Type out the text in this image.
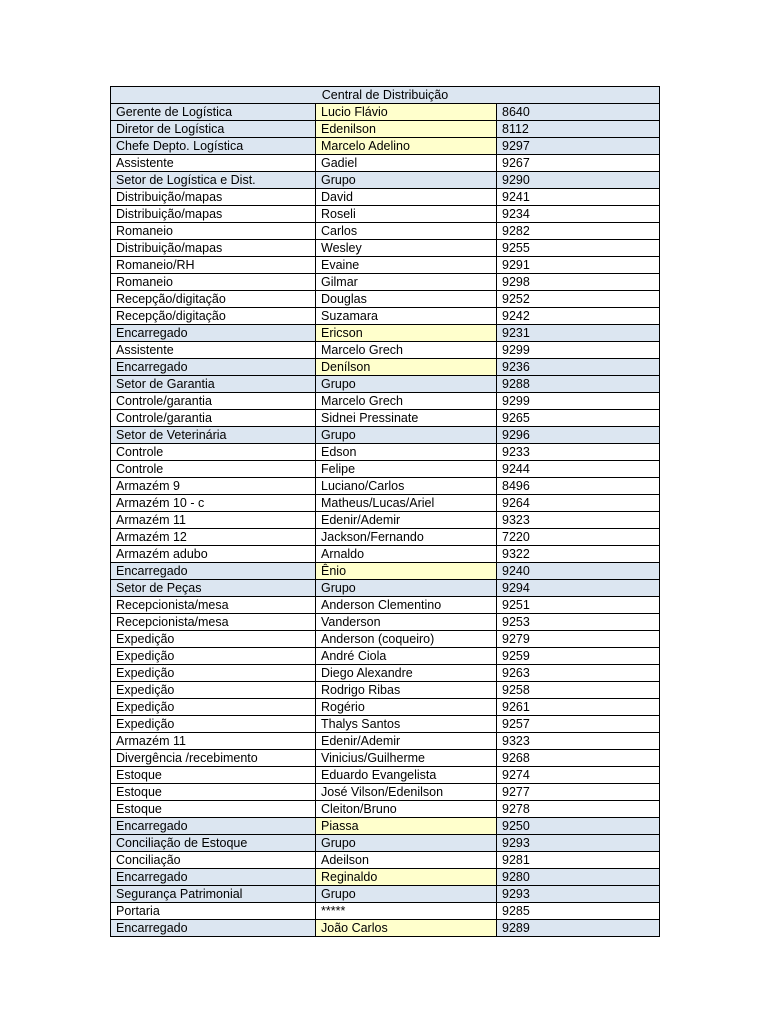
Central de Distribuição		
Gerente de Logística	Lucio Flávio	8640
Diretor de Logística	Edenilson	8112
Chefe Depto. Logística	Marcelo Adelino	9297
Assistente	Gadiel	9267
Setor de Logística e Dist.	Grupo	9290
Distribuição/mapas	David	9241
Distribuição/mapas	Roseli	9234
Romaneio	Carlos	9282
Distribuição/mapas	Wesley	9255
Romaneio/RH	Evaine	9291
Romaneio	Gilmar	9298
Recepção/digitação	Douglas	9252
Recepção/digitação	Suzamara	9242
Encarregado	Ericson	9231
Assistente	Marcelo Grech	9299
Encarregado	Denílson	9236
Setor de Garantia	Grupo	9288
Controle/garantia	Marcelo Grech	9299
Controle/garantia	Sidnei Pressinate	9265
Setor de Veterinária	Grupo	9296
Controle	Edson	9233
Controle	Felipe	9244
Armazém 9	Luciano/Carlos	8496
Armazém 10 - c	Matheus/Lucas/Ariel	9264
Armazém 11	Edenir/Ademir	9323
Armazém 12	Jackson/Fernando	7220
Armazém adubo	Arnaldo	9322
Encarregado	Ênio	9240
Setor de Peças	Grupo	9294
Recepcionista/mesa	Anderson Clementino	9251
Recepcionista/mesa	Vanderson	9253
Expedição	Anderson (coqueiro)	9279
Expedição	André Ciola	9259
Expedição	Diego Alexandre	9263
Expedição	Rodrigo Ribas	9258
Expedição	Rogério	9261
Expedição	Thalys Santos	9257
Armazém 11	Edenir/Ademir	9323
Divergência /recebimento	Vinicius/Guilherme	9268
Estoque	Eduardo Evangelista	9274
Estoque	José Vilson/Edenilson	9277
Estoque	Cleiton/Bruno	9278
Encarregado	Piassa	9250
Conciliação de Estoque	Grupo	9293
Conciliação	Adeilson	9281
Encarregado	Reginaldo	9280
Segurança Patrimonial	Grupo	9293
Portaria	*****	9285
Encarregado	João Carlos	9289
